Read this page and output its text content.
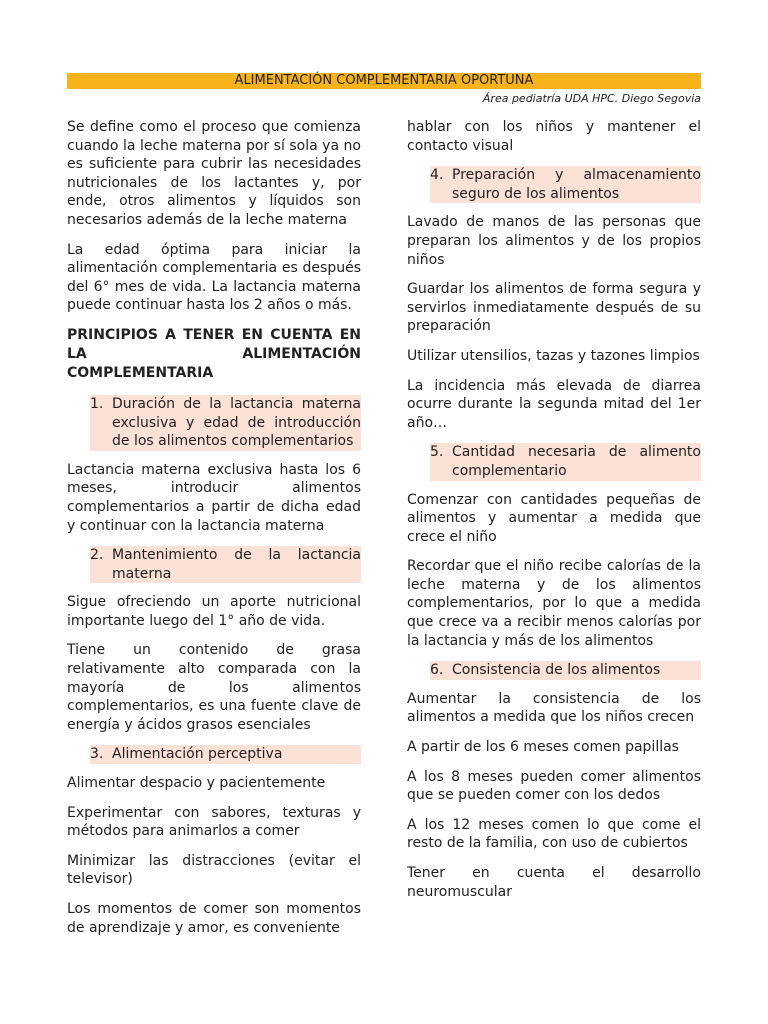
ALIMENTACIÓN COMPLEMENTARIA OPORTUNA
Área pediatría UDA HPC. Diego Segovia

Se define como el proceso que comienza cuando la leche materna por sí sola ya no es suficiente para cubrir las necesidades nutricionales de los lactantes y, por ende, otros alimentos y líquidos son necesarios además de la leche materna

La edad óptima para iniciar la alimentación complementaria es después del 6° mes de vida. La lactancia materna puede continuar hasta los 2 años o más.

PRINCIPIOS A TENER EN CUENTA EN LA ALIMENTACIÓN COMPLEMENTARIA
1. Duración de la lactancia materna exclusiva y edad de introducción de los alimentos complementarios

Lactancia materna exclusiva hasta los 6 meses, introducir alimentos complementarios a partir de dicha edad y continuar con la lactancia materna

2. Mantenimiento de la lactancia materna

Sigue ofreciendo un aporte nutricional importante luego del 1° año de vida.

Tiene un contenido de grasa relativamente alto comparada con la mayoría de los alimentos complementarios, es una fuente clave de energía y ácidos grasos esenciales

3. Alimentación perceptiva

Alimentar despacio y pacientemente

Experimentar con sabores, texturas y métodos para animarlos a comer

Minimizar las distracciones (evitar el televisor)

Los momentos de comer son momentos de aprendizaje y amor, es conveniente

hablar con los niños y mantener el contacto visual

4. Preparación y almacenamiento seguro de los alimentos

Lavado de manos de las personas que preparan los alimentos y de los propios niños

Guardar los alimentos de forma segura y servirlos inmediatamente después de su preparación

Utilizar utensilios, tazas y tazones limpios

La incidencia más elevada de diarrea ocurre durante la segunda mitad del 1er año…

5. Cantidad necesaria de alimento complementario

Comenzar con cantidades pequeñas de alimentos y aumentar a medida que crece el niño

Recordar que el niño recibe calorías de la leche materna y de los alimentos complementarios, por lo que a medida que crece va a recibir menos calorías por la lactancia y más de los alimentos

6. Consistencia de los alimentos

Aumentar la consistencia de los alimentos a medida que los niños crecen

A partir de los 6 meses comen papillas

A los 8 meses pueden comer alimentos que se pueden comer con los dedos

A los 12 meses comen lo que come el resto de la familia, con uso de cubiertos

Tener en cuenta el desarrollo neuromuscular
